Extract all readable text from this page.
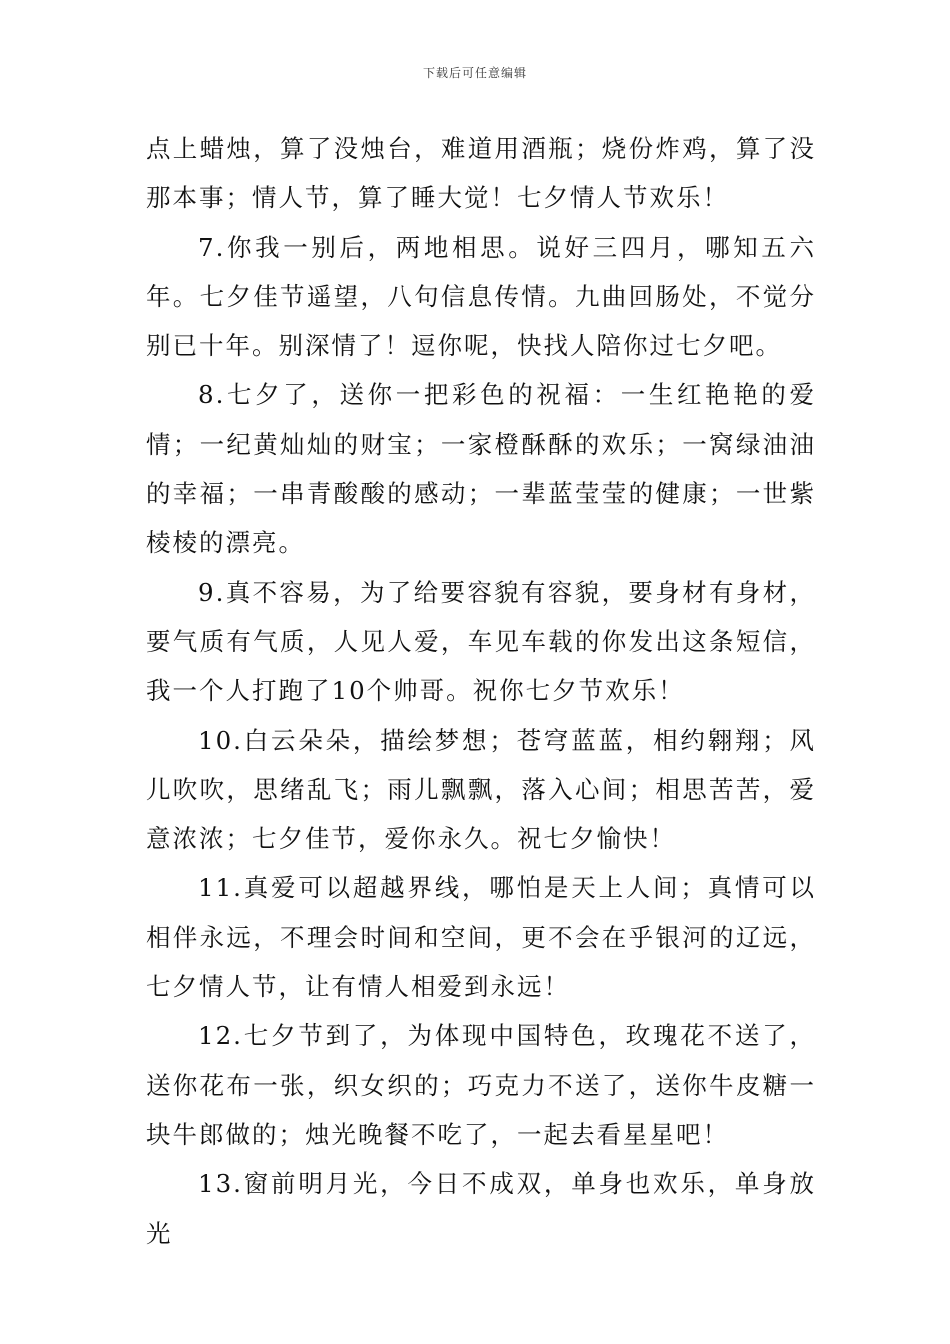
下载后可任意编辑

点上蜡烛，算了没烛台，难道用酒瓶；烧份炸鸡，算了没那本事；情人节，算了睡大觉！七夕情人节欢乐！

7.你我一别后，两地相思。说好三四月，哪知五六年。七夕佳节遥望，八句信息传情。九曲回肠处，不觉分别已十年。别深情了！逗你呢，快找人陪你过七夕吧。

8.七夕了，送你一把彩色的祝福：一生红艳艳的爱情；一纪黄灿灿的财宝；一家橙酥酥的欢乐；一窝绿油油的幸福；一串青酸酸的感动；一辈蓝莹莹的健康；一世紫棱棱的漂亮。

9.真不容易，为了给要容貌有容貌，要身材有身材，要气质有气质，人见人爱，车见车载的你发出这条短信，我一个人打跑了10个帅哥。祝你七夕节欢乐！

10.白云朵朵，描绘梦想；苍穹蓝蓝，相约翱翔；风儿吹吹，思绪乱飞；雨儿飘飘，落入心间；相思苦苦，爱意浓浓；七夕佳节，爱你永久。祝七夕愉快！

11.真爱可以超越界线，哪怕是天上人间；真情可以相伴永远，不理会时间和空间，更不会在乎银河的辽远，七夕情人节，让有情人相爱到永远！

12.七夕节到了，为体现中国特色，玫瑰花不送了，送你花布一张，织女织的；巧克力不送了，送你牛皮糖一块牛郎做的；烛光晚餐不吃了，一起去看星星吧！

13.窗前明月光，今日不成双，单身也欢乐，单身放光
